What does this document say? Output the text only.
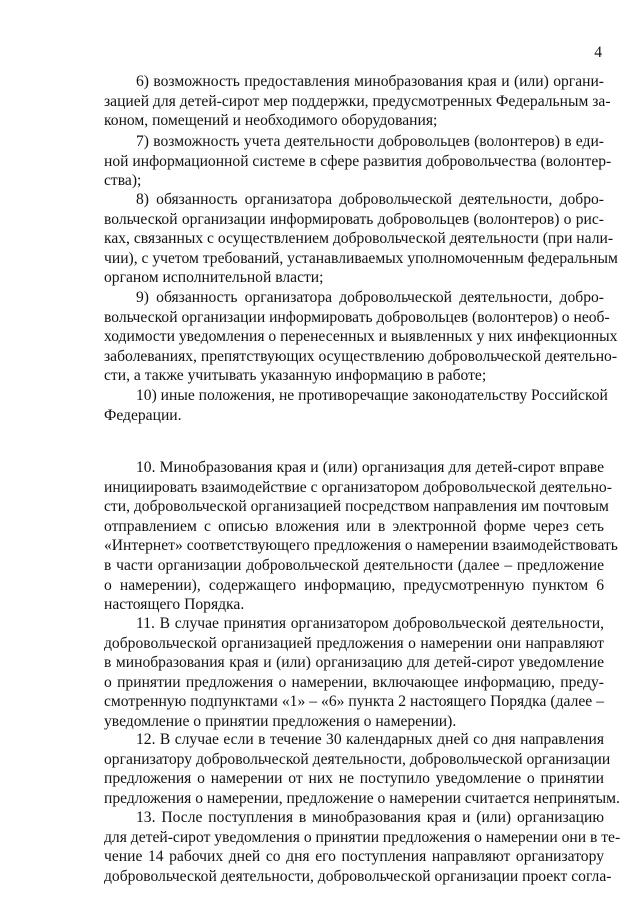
4
6) возможность предоставления минобразования края и (или) органи-
зацией для детей-сирот мер поддержки, предусмотренных Федеральным за-
коном, помещений и необходимого оборудования;
7) возможность учета деятельности добровольцев (волонтеров) в еди-
ной информационной системе в сфере развития добровольчества (волонтер-
ства);
8) обязанность организатора добровольческой деятельности, добро-
вольческой организации информировать добровольцев (волонтеров) о рис-
ках, связанных с осуществлением добровольческой деятельности (при нали-
чии), с учетом требований, устанавливаемых уполномоченным федеральным
органом исполнительной власти;
9) обязанность организатора добровольческой деятельности, добро-
вольческой организации информировать добровольцев (волонтеров) о необ-
ходимости уведомления о перенесенных и выявленных у них инфекционных
заболеваниях, препятствующих осуществлению добровольческой деятельно-
сти, а также учитывать указанную информацию в работе;
10) иные положения, не противоречащие законодательству Российской
Федерации.
10. Минобразования края и (или) организация для детей-сирот вправе
инициировать взаимодействие с организатором добровольческой деятельно-
сти, добровольческой организацией посредством направления им почтовым
отправлением с описью вложения или в электронной форме через сеть
«Интернет» соответствующего предложения о намерении взаимодействовать
в части организации добровольческой деятельности (далее – предложение
о намерении), содержащего информацию, предусмотренную пунктом 6
настоящего Порядка.
11. В случае принятия организатором добровольческой деятельности,
добровольческой организацией предложения о намерении они направляют
в минобразования края и (или) организацию для детей-сирот уведомление
о принятии предложения о намерении, включающее информацию, преду-
смотренную подпунктами «1» – «6» пункта 2 настоящего Порядка (далее –
уведомление о принятии предложения о намерении).
12. В случае если в течение 30 календарных дней со дня направления
организатору добровольческой деятельности, добровольческой организации
предложения о намерении от них не поступило уведомление о принятии
предложения о намерении, предложение о намерении считается непринятым.
13. После поступления в минобразования края и (или) организацию
для детей-сирот уведомления о принятии предложения о намерении они в те-
чение 14 рабочих дней со дня его поступления направляют организатору
добровольческой деятельности, добровольческой организации проект согла-
